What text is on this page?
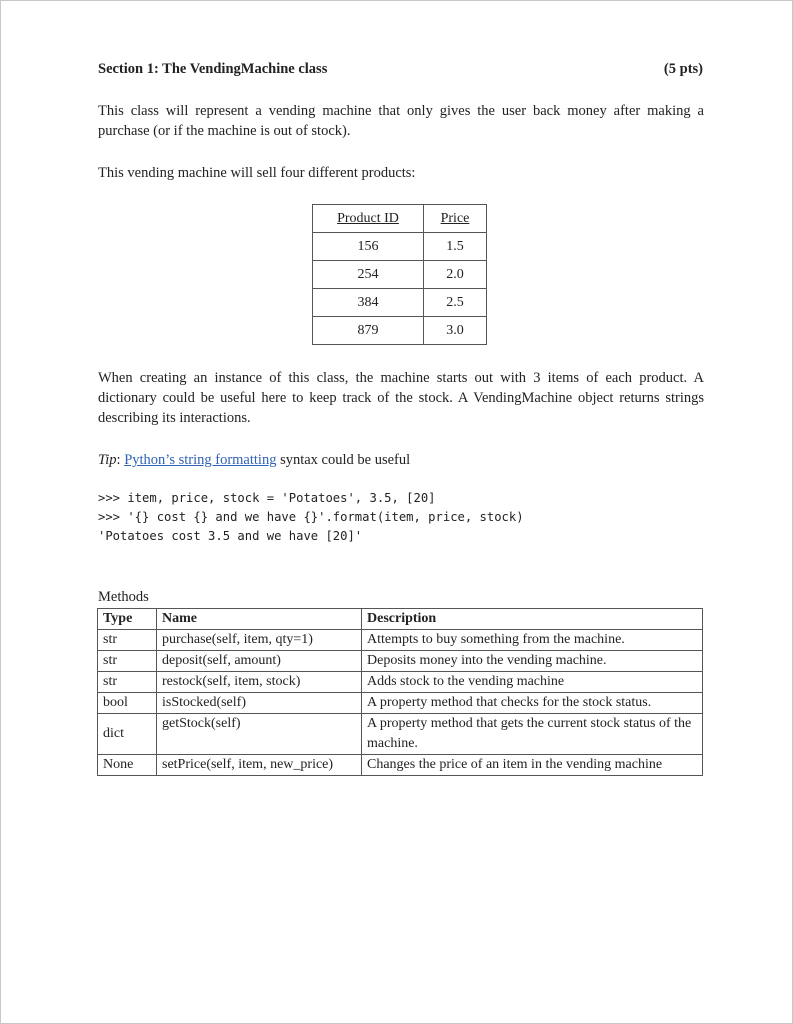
Section 1: The VendingMachine class	(5 pts)
This class will represent a vending machine that only gives the user back money after making a purchase (or if the machine is out of stock).
This vending machine will sell four different products:
Product ID	Price
156	1.5
254	2.0
384	2.5
879	3.0
When creating an instance of this class, the machine starts out with 3 items of each product. A dictionary could be useful here to keep track of the stock. A VendingMachine object returns strings describing its interactions.
Tip: Python’s string formatting syntax could be useful
>>> item, price, stock = 'Potatoes', 3.5, [20]
>>> '{} cost {} and we have {}'.format(item, price, stock)
'Potatoes cost 3.5 and we have [20]'
Methods
Type	Name	Description
str	purchase(self, item, qty=1)	Attempts to buy something from the machine.
str	deposit(self, amount)	Deposits money into the vending machine.
str	restock(self, item, stock)	Adds stock to the vending machine
bool	isStocked(self)	A property method that checks for the stock status.
dict	getStock(self)	A property method that gets the current stock status of the machine.
None	setPrice(self, item, new_price)	Changes the price of an item in the vending machine
